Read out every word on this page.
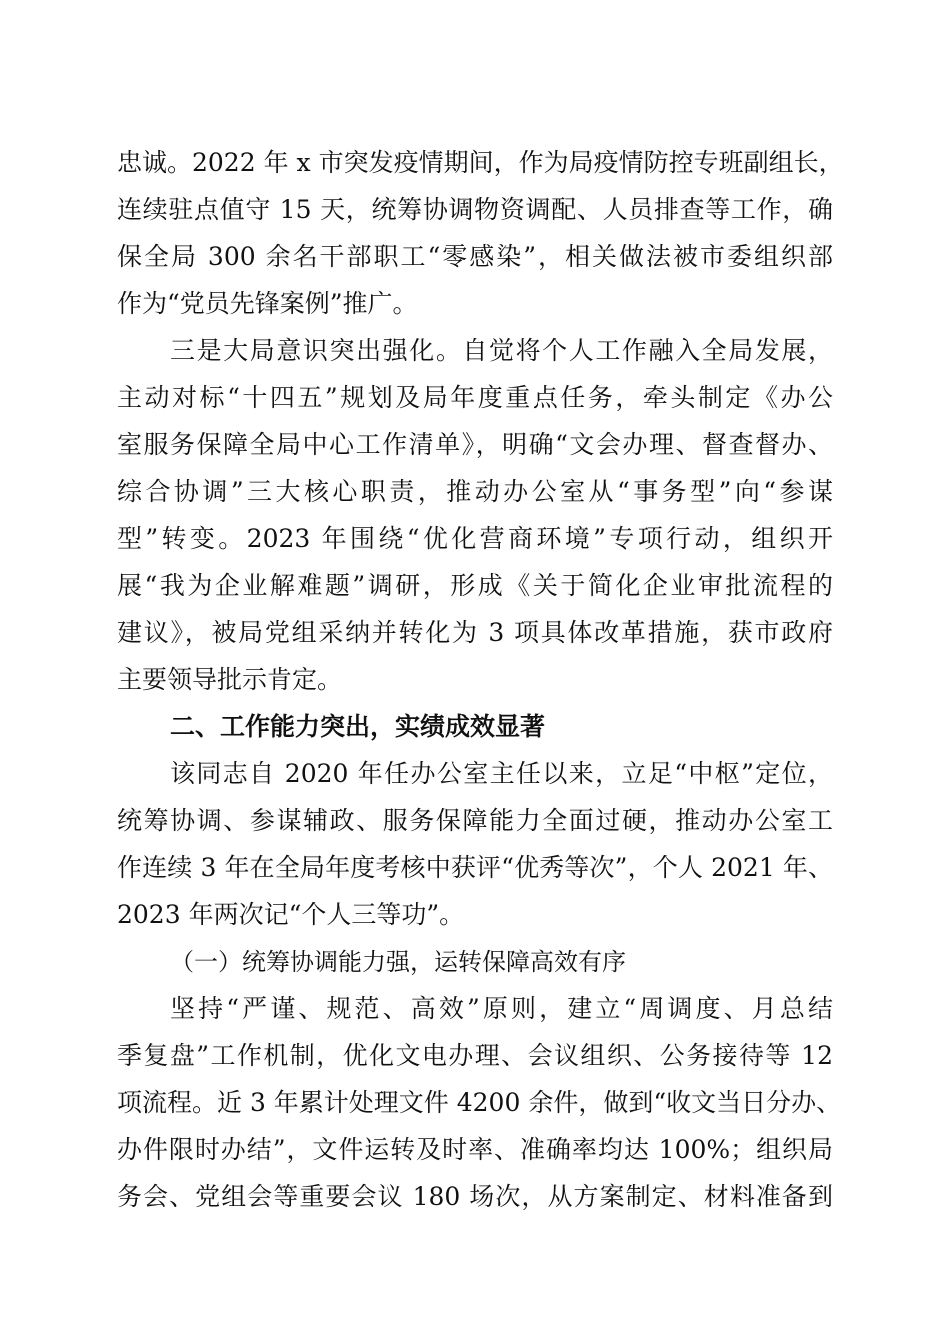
忠诚。2022 年 x 市突发疫情期间，作为局疫情防控专班副组长，
连续驻点值守 15 天，统筹协调物资调配、人员排查等工作，确
保全局 300 余名干部职工“零感染”，相关做法被市委组织部
作为“党员先锋案例”推广。
三是大局意识突出强化。自觉将个人工作融入全局发展，
主动对标“十四五”规划及局年度重点任务，牵头制定《办公
室服务保障全局中心工作清单》，明确“文会办理、督查督办、
综合协调”三大核心职责，推动办公室从“事务型”向“参谋
型”转变。2023 年围绕“优化营商环境”专项行动，组织开
展“我为企业解难题”调研，形成《关于简化企业审批流程的
建议》，被局党组采纳并转化为 3 项具体改革措施，获市政府
主要领导批示肯定。
二、工作能力突出，实绩成效显著
该同志自 2020 年任办公室主任以来，立足“中枢”定位，
统筹协调、参谋辅政、服务保障能力全面过硬，推动办公室工
作连续 3 年在全局年度考核中获评“优秀等次”，个人 2021 年、
2023 年两次记“个人三等功”。
（一）统筹协调能力强，运转保障高效有序
坚持“严谨、规范、高效”原则，建立“周调度、月总结
季复盘”工作机制，优化文电办理、会议组织、公务接待等 12
项流程。近 3 年累计处理文件 4200 余件，做到“收文当日分办、
办件限时办结”，文件运转及时率、准确率均达 100%；组织局
务会、党组会等重要会议 180 场次，从方案制定、材料准备到
